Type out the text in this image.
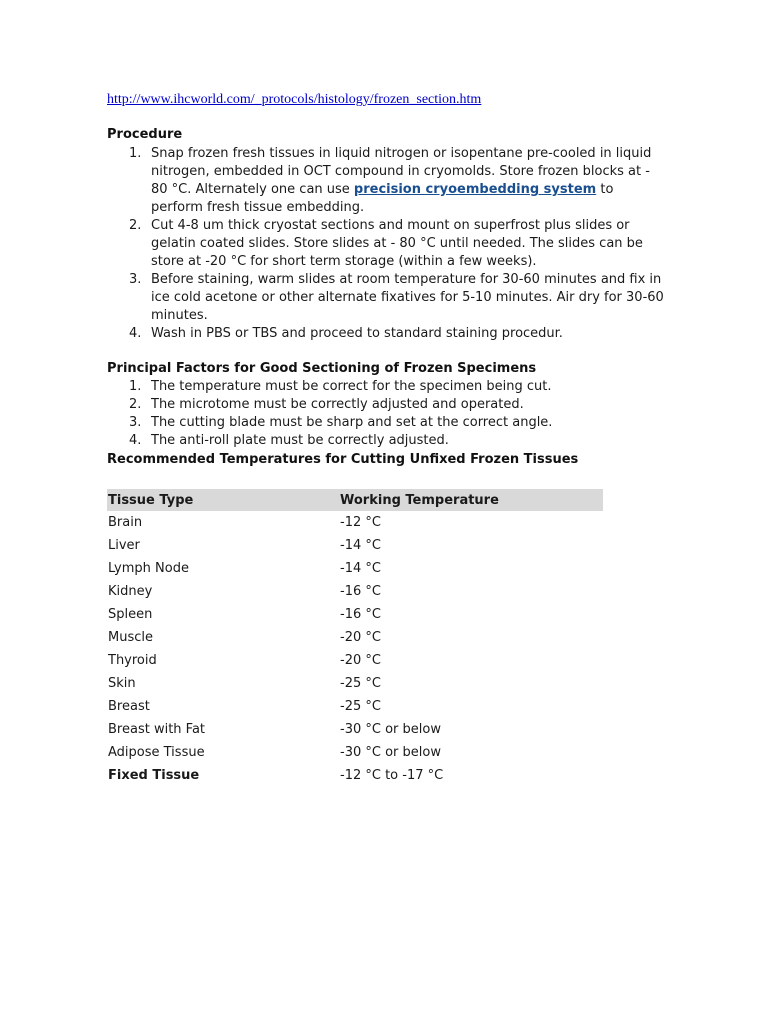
http://www.ihcworld.com/_protocols/histology/frozen_section.htm
Procedure
1. Snap frozen fresh tissues in liquid nitrogen or isopentane pre-cooled in liquid nitrogen, embedded in OCT compound in cryomolds. Store frozen blocks at - 80 °C. Alternately one can use precision cryoembedding system to perform fresh tissue embedding.
2. Cut 4-8 um thick cryostat sections and mount on superfrost plus slides or gelatin coated slides. Store slides at - 80 °C until needed. The slides can be store at -20 °C for short term storage (within a few weeks).
3. Before staining, warm slides at room temperature for 30-60 minutes and fix in ice cold acetone or other alternate fixatives for 5-10 minutes. Air dry for 30-60 minutes.
4. Wash in PBS or TBS and proceed to standard staining procedur.
Principal Factors for Good Sectioning of Frozen Specimens
1. The temperature must be correct for the specimen being cut.
2. The microtome must be correctly adjusted and operated.
3. The cutting blade must be sharp and set at the correct angle.
4. The anti-roll plate must be correctly adjusted.
Recommended Temperatures for Cutting Unfixed Frozen Tissues
Tissue Type	Working Temperature
Brain	-12 °C
Liver	-14 °C
Lymph Node	-14 °C
Kidney	-16 °C
Spleen	-16 °C
Muscle	-20 °C
Thyroid	-20 °C
Skin	-25 °C
Breast	-25 °C
Breast with Fat	-30 °C or below
Adipose Tissue	-30 °C or below
Fixed Tissue	-12 °C to -17 °C
